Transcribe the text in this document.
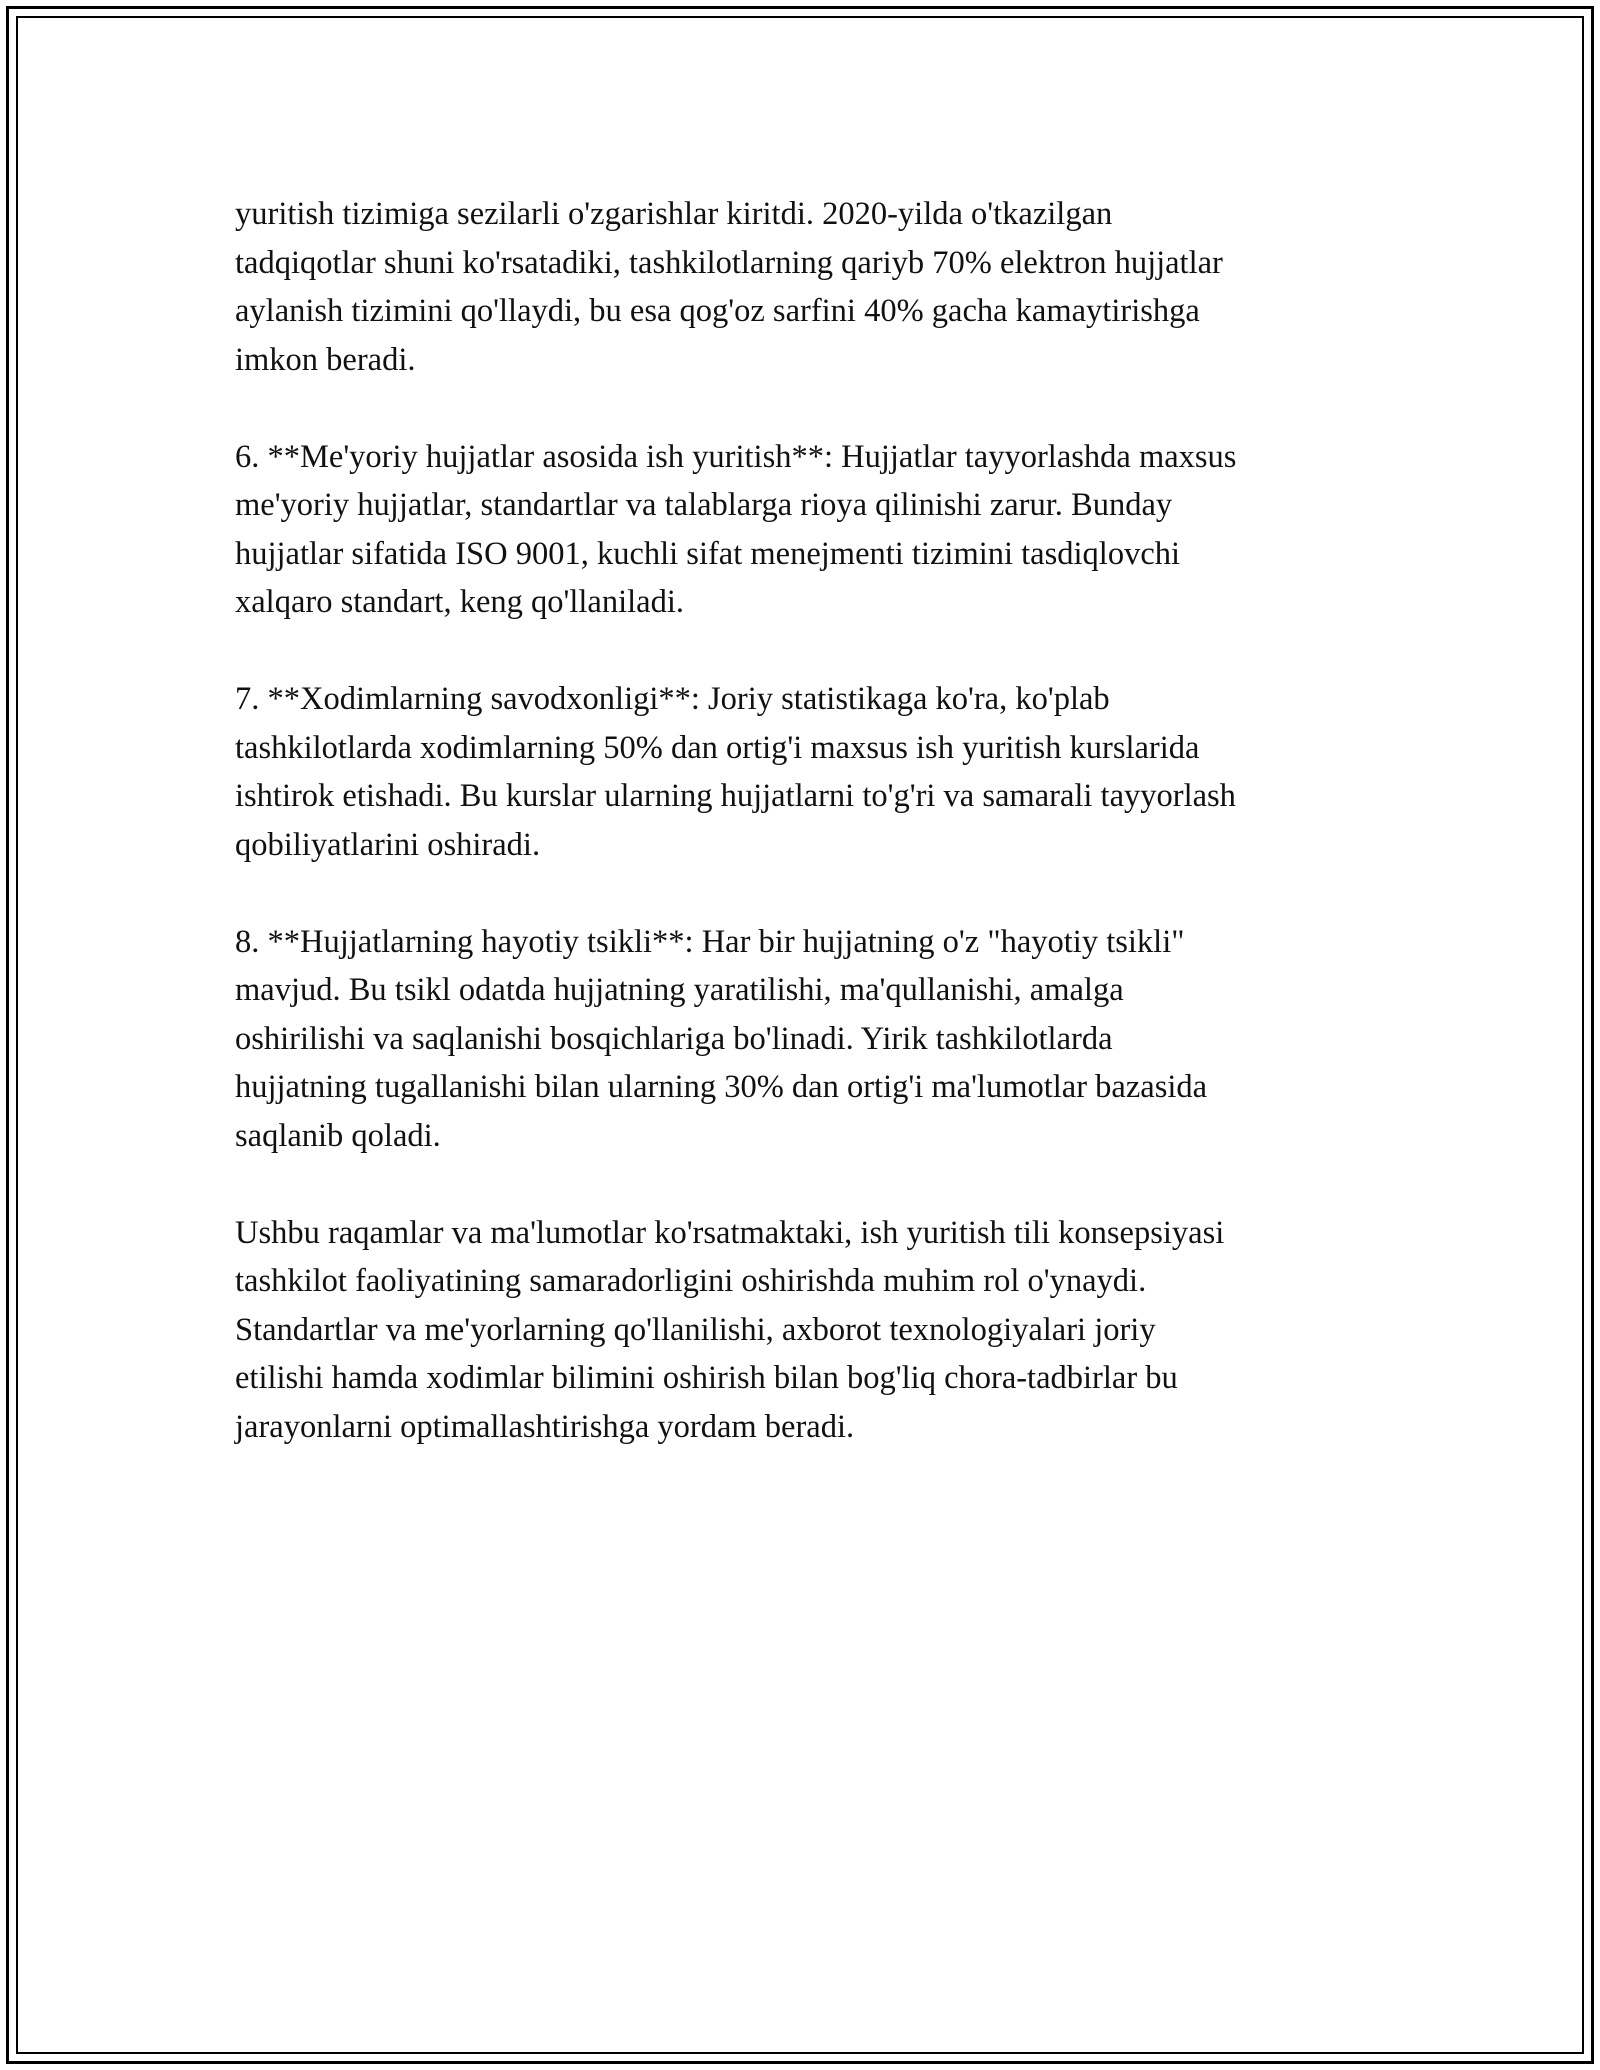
yuritish tizimiga sezilarli o'zgarishlar kiritdi. 2020-yilda o'tkazilgan
tadqiqotlar shuni ko'rsatadiki, tashkilotlarning qariyb 70% elektron hujjatlar
aylanish tizimini qo'llaydi, bu esa qog'oz sarfini 40% gacha kamaytirishga
imkon beradi.

6. **Me'yoriy hujjatlar asosida ish yuritish**: Hujjatlar tayyorlashda maxsus
me'yoriy hujjatlar, standartlar va talablarga rioya qilinishi zarur. Bunday
hujjatlar sifatida ISO 9001, kuchli sifat menejmenti tizimini tasdiqlovchi
xalqaro standart, keng qo'llaniladi.

7. **Xodimlarning savodxonligi**: Joriy statistikaga ko'ra, ko'plab
tashkilotlarda xodimlarning 50% dan ortig'i maxsus ish yuritish kurslarida
ishtirok etishadi. Bu kurslar ularning hujjatlarni to'g'ri va samarali tayyorlash
qobiliyatlarini oshiradi.

8. **Hujjatlarning hayotiy tsikli**: Har bir hujjatning o'z "hayotiy tsikli"
mavjud. Bu tsikl odatda hujjatning yaratilishi, ma'qullanishi, amalga
oshirilishi va saqlanishi bosqichlariga bo'linadi. Yirik tashkilotlarda
hujjatning tugallanishi bilan ularning 30% dan ortig'i ma'lumotlar bazasida
saqlanib qoladi.

Ushbu raqamlar va ma'lumotlar ko'rsatmaktaki, ish yuritish tili konsepsiyasi
tashkilot faoliyatining samaradorligini oshirishda muhim rol o'ynaydi.
Standartlar va me'yorlarning qo'llanilishi, axborot texnologiyalari joriy
etilishi hamda xodimlar bilimini oshirish bilan bog'liq chora-tadbirlar bu
jarayonlarni optimallashtirishga yordam beradi.
